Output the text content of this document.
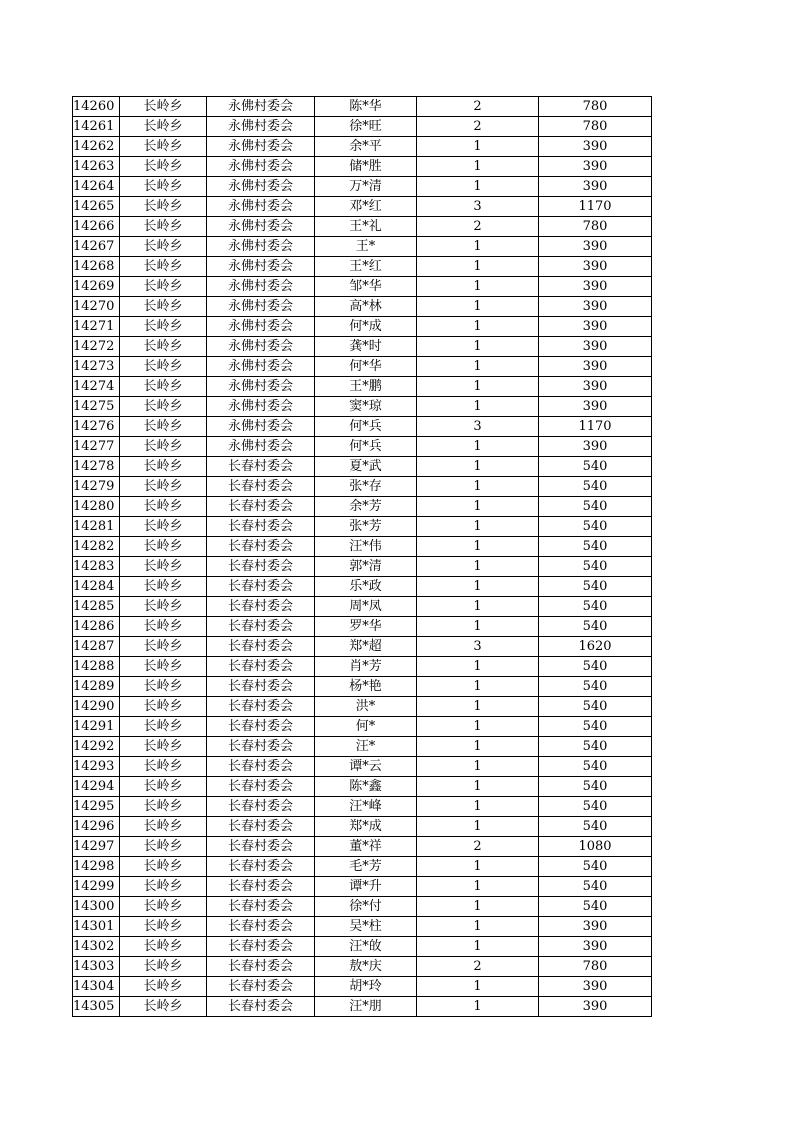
14260	长岭乡	永佛村委会	陈*华	2	780
14261	长岭乡	永佛村委会	徐*旺	2	780
14262	长岭乡	永佛村委会	余*平	1	390
14263	长岭乡	永佛村委会	储*胜	1	390
14264	长岭乡	永佛村委会	万*清	1	390
14265	长岭乡	永佛村委会	邓*红	3	1170
14266	长岭乡	永佛村委会	王*礼	2	780
14267	长岭乡	永佛村委会	王*	1	390
14268	长岭乡	永佛村委会	王*红	1	390
14269	长岭乡	永佛村委会	邹*华	1	390
14270	长岭乡	永佛村委会	高*林	1	390
14271	长岭乡	永佛村委会	何*成	1	390
14272	长岭乡	永佛村委会	龚*时	1	390
14273	长岭乡	永佛村委会	何*华	1	390
14274	长岭乡	永佛村委会	王*鹏	1	390
14275	长岭乡	永佛村委会	窦*琼	1	390
14276	长岭乡	永佛村委会	何*兵	3	1170
14277	长岭乡	永佛村委会	何*兵	1	390
14278	长岭乡	长春村委会	夏*武	1	540
14279	长岭乡	长春村委会	张*存	1	540
14280	长岭乡	长春村委会	余*芳	1	540
14281	长岭乡	长春村委会	张*芳	1	540
14282	长岭乡	长春村委会	汪*伟	1	540
14283	长岭乡	长春村委会	郭*清	1	540
14284	长岭乡	长春村委会	乐*政	1	540
14285	长岭乡	长春村委会	周*凤	1	540
14286	长岭乡	长春村委会	罗*华	1	540
14287	长岭乡	长春村委会	郑*超	3	1620
14288	长岭乡	长春村委会	肖*芳	1	540
14289	长岭乡	长春村委会	杨*艳	1	540
14290	长岭乡	长春村委会	洪*	1	540
14291	长岭乡	长春村委会	何*	1	540
14292	长岭乡	长春村委会	汪*	1	540
14293	长岭乡	长春村委会	谭*云	1	540
14294	长岭乡	长春村委会	陈*鑫	1	540
14295	长岭乡	长春村委会	汪*峰	1	540
14296	长岭乡	长春村委会	郑*成	1	540
14297	长岭乡	长春村委会	董*祥	2	1080
14298	长岭乡	长春村委会	毛*芳	1	540
14299	长岭乡	长春村委会	谭*升	1	540
14300	长岭乡	长春村委会	徐*付	1	540
14301	长岭乡	长春村委会	吴*柱	1	390
14302	长岭乡	长春村委会	汪*敀	1	390
14303	长岭乡	长春村委会	敖*庆	2	780
14304	长岭乡	长春村委会	胡*玲	1	390
14305	长岭乡	长春村委会	汪*朋	1	390
